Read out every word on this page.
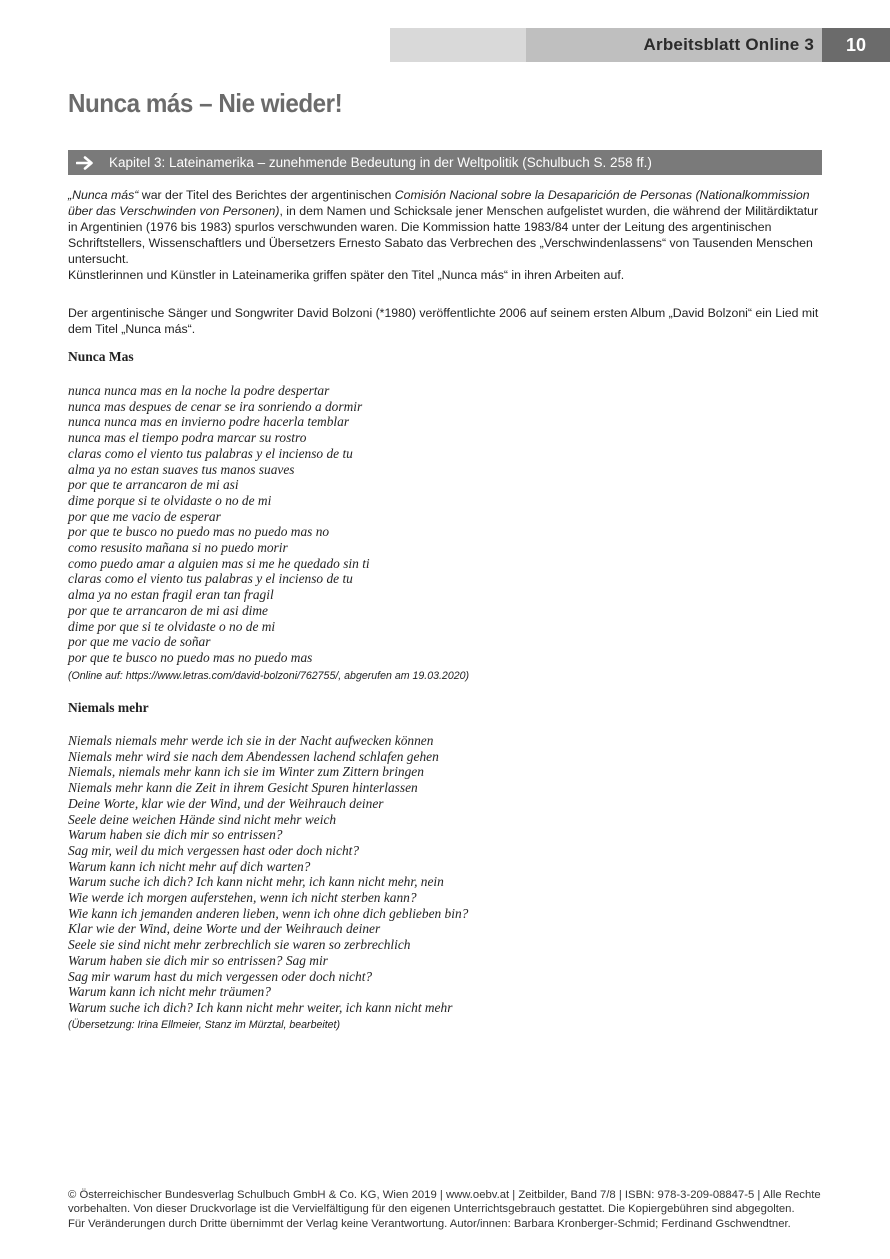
Arbeitsblatt Online 3	10
Nunca más – Nie wieder!
Kapitel 3: Lateinamerika – zunehmende Bedeutung in der Weltpolitik (Schulbuch S. 258 ff.)
„Nunca más“ war der Titel des Berichtes der argentinischen Comisión Nacional sobre la Desaparición de Personas (Nationalkommission über das Verschwinden von Personen), in dem Namen und Schicksale jener Menschen aufgelistet wurden, die während der Militärdiktatur in Argentinien (1976 bis 1983) spurlos verschwunden waren. Die Kommission hatte 1983/84 unter der Leitung des argentinischen Schriftstellers, Wissenschaftlers und Übersetzers Ernesto Sabato das Verbrechen des „Verschwindenlassens“ von Tausenden Menschen untersucht.
Künstlerinnen und Künstler in Lateinamerika griffen später den Titel „Nunca más“ in ihren Arbeiten auf.

Der argentinische Sänger und Songwriter David Bolzoni (*1980) veröffentlichte 2006 auf seinem ersten Album „David Bolzoni“ ein Lied mit dem Titel „Nunca más“.

Nunca Mas
nunca nunca mas en la noche la podre despertar
nunca mas despues de cenar se ira sonriendo a dormir
nunca nunca mas en invierno podre hacerla temblar
nunca mas el tiempo podra marcar su rostro
claras como el viento tus palabras y el incienso de tu
alma ya no estan suaves tus manos suaves
por que te arrancaron de mi asi
dime porque si te olvidaste o no de mi
por que me vacio de esperar
por que te busco no puedo mas no puedo mas no
como resusito mañana si no puedo morir
como puedo amar a alguien mas si me he quedado sin ti
claras como el viento tus palabras y el incienso de tu
alma ya no estan fragil eran tan fragil
por que te arrancaron de mi asi dime
dime por que si te olvidaste o no de mi
por que me vacio de soñar
por que te busco no puedo mas no puedo mas

(Online auf: https://www.letras.com/david-bolzoni/762755/, abgerufen am 19.03.2020)

Niemals mehr
Niemals niemals mehr werde ich sie in der Nacht aufwecken können
Niemals mehr wird sie nach dem Abendessen lachend schlafen gehen
Niemals, niemals mehr kann ich sie im Winter zum Zittern bringen
Niemals mehr kann die Zeit in ihrem Gesicht Spuren hinterlassen
Deine Worte, klar wie der Wind, und der Weihrauch deiner
Seele deine weichen Hände sind nicht mehr weich
Warum haben sie dich mir so entrissen?
Sag mir, weil du mich vergessen hast oder doch nicht?
Warum kann ich nicht mehr auf dich warten?
Warum suche ich dich? Ich kann nicht mehr, ich kann nicht mehr, nein
Wie werde ich morgen auferstehen, wenn ich nicht sterben kann?
Wie kann ich jemanden anderen lieben, wenn ich ohne dich geblieben bin?
Klar wie der Wind, deine Worte und der Weihrauch deiner
Seele sie sind nicht mehr zerbrechlich sie waren so zerbrechlich
Warum haben sie dich mir so entrissen? Sag mir
Sag mir warum hast du mich vergessen oder doch nicht?
Warum kann ich nicht mehr träumen?
Warum suche ich dich? Ich kann nicht mehr weiter, ich kann nicht mehr

(Übersetzung: Irina Ellmeier, Stanz im Mürztal, bearbeitet)

© Österreichischer Bundesverlag Schulbuch GmbH & Co. KG, Wien 2019 | www.oebv.at | Zeitbilder, Band 7/8 | ISBN: 978-3-209-08847-5 | Alle Rechte
vorbehalten. Von dieser Druckvorlage ist die Vervielfältigung für den eigenen Unterrichtsgebrauch gestattet. Die Kopiergebühren sind abgegolten.
Für Veränderungen durch Dritte übernimmt der Verlag keine Verantwortung. Autor/innen: Barbara Kronberger-Schmid; Ferdinand Gschwendtner.
